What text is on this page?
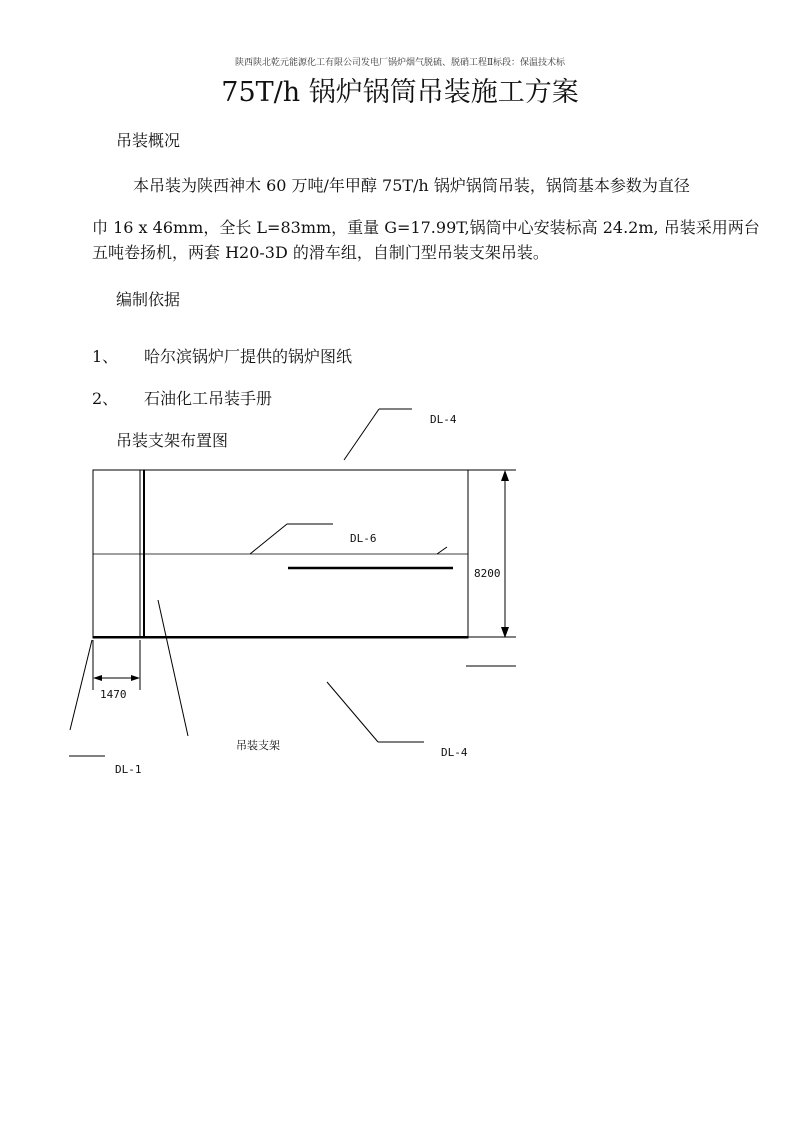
陕西陕北乾元能源化工有限公司发电厂锅炉烟气脱硫、脱硝工程Ⅱ标段：保温技术标
75T/h 锅炉锅筒吊装施工方案
吊装概况
本吊装为陕西神木 60 万吨/年甲醇 75T/h 锅炉锅筒吊装，锅筒基本参数为直径
巾 16 x 46mm，全长 L=83mm，重量 G=17.99T,锅筒中心安装标高 24.2m, 吊装采用两台
五吨卷扬机，两套 H20-3D 的滑车组，自制门型吊装支架吊装。
编制依据
1、 哈尔滨锅炉厂提供的锅炉图纸
2、 石油化工吊装手册
吊装支架布置图
DL-4
DL-6
8200
1470
吊装支架
DL-4
DL-1
